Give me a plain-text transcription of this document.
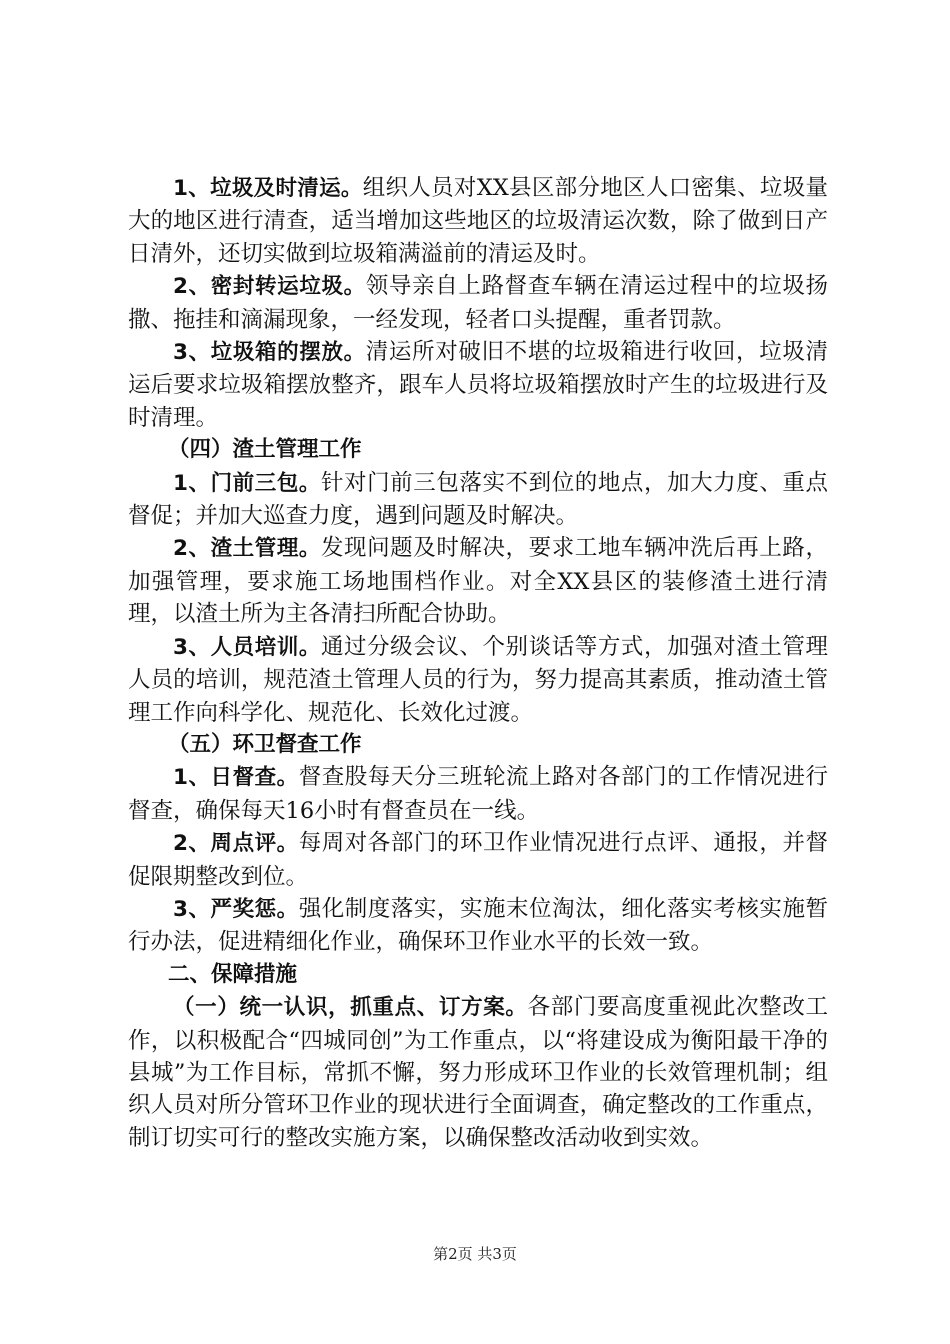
1、垃圾及时清运。组织人员对XX县区部分地区人口密集、垃圾量大的地区进行清查，适当增加这些地区的垃圾清运次数，除了做到日产日清外，还切实做到垃圾箱满溢前的清运及时。

2、密封转运垃圾。领导亲自上路督查车辆在清运过程中的垃圾扬撒、拖挂和滴漏现象，一经发现，轻者口头提醒，重者罚款。

3、垃圾箱的摆放。清运所对破旧不堪的垃圾箱进行收回，垃圾清运后要求垃圾箱摆放整齐，跟车人员将垃圾箱摆放时产生的垃圾进行及时清理。

（四）渣土管理工作

1、门前三包。针对门前三包落实不到位的地点，加大力度、重点督促；并加大巡查力度，遇到问题及时解决。

2、渣土管理。发现问题及时解决，要求工地车辆冲洗后再上路，加强管理，要求施工场地围档作业。对全XX县区的装修渣土进行清理，以渣土所为主各清扫所配合协助。

3、人员培训。通过分级会议、个别谈话等方式，加强对渣土管理人员的培训，规范渣土管理人员的行为，努力提高其素质，推动渣土管理工作向科学化、规范化、长效化过渡。

（五）环卫督查工作

1、日督查。督查股每天分三班轮流上路对各部门的工作情况进行督查，确保每天16小时有督查员在一线。

2、周点评。每周对各部门的环卫作业情况进行点评、通报，并督促限期整改到位。

3、严奖惩。强化制度落实，实施末位淘汰，细化落实考核实施暂行办法，促进精细化作业，确保环卫作业水平的长效一致。

二、保障措施

（一）统一认识，抓重点、订方案。各部门要高度重视此次整改工作，以积极配合“四城同创”为工作重点，以“将建设成为衡阳最干净的县城”为工作目标，常抓不懈，努力形成环卫作业的长效管理机制；组织人员对所分管环卫作业的现状进行全面调查，确定整改的工作重点，制订切实可行的整改实施方案，以确保整改活动收到实效。

第2页 共3页
